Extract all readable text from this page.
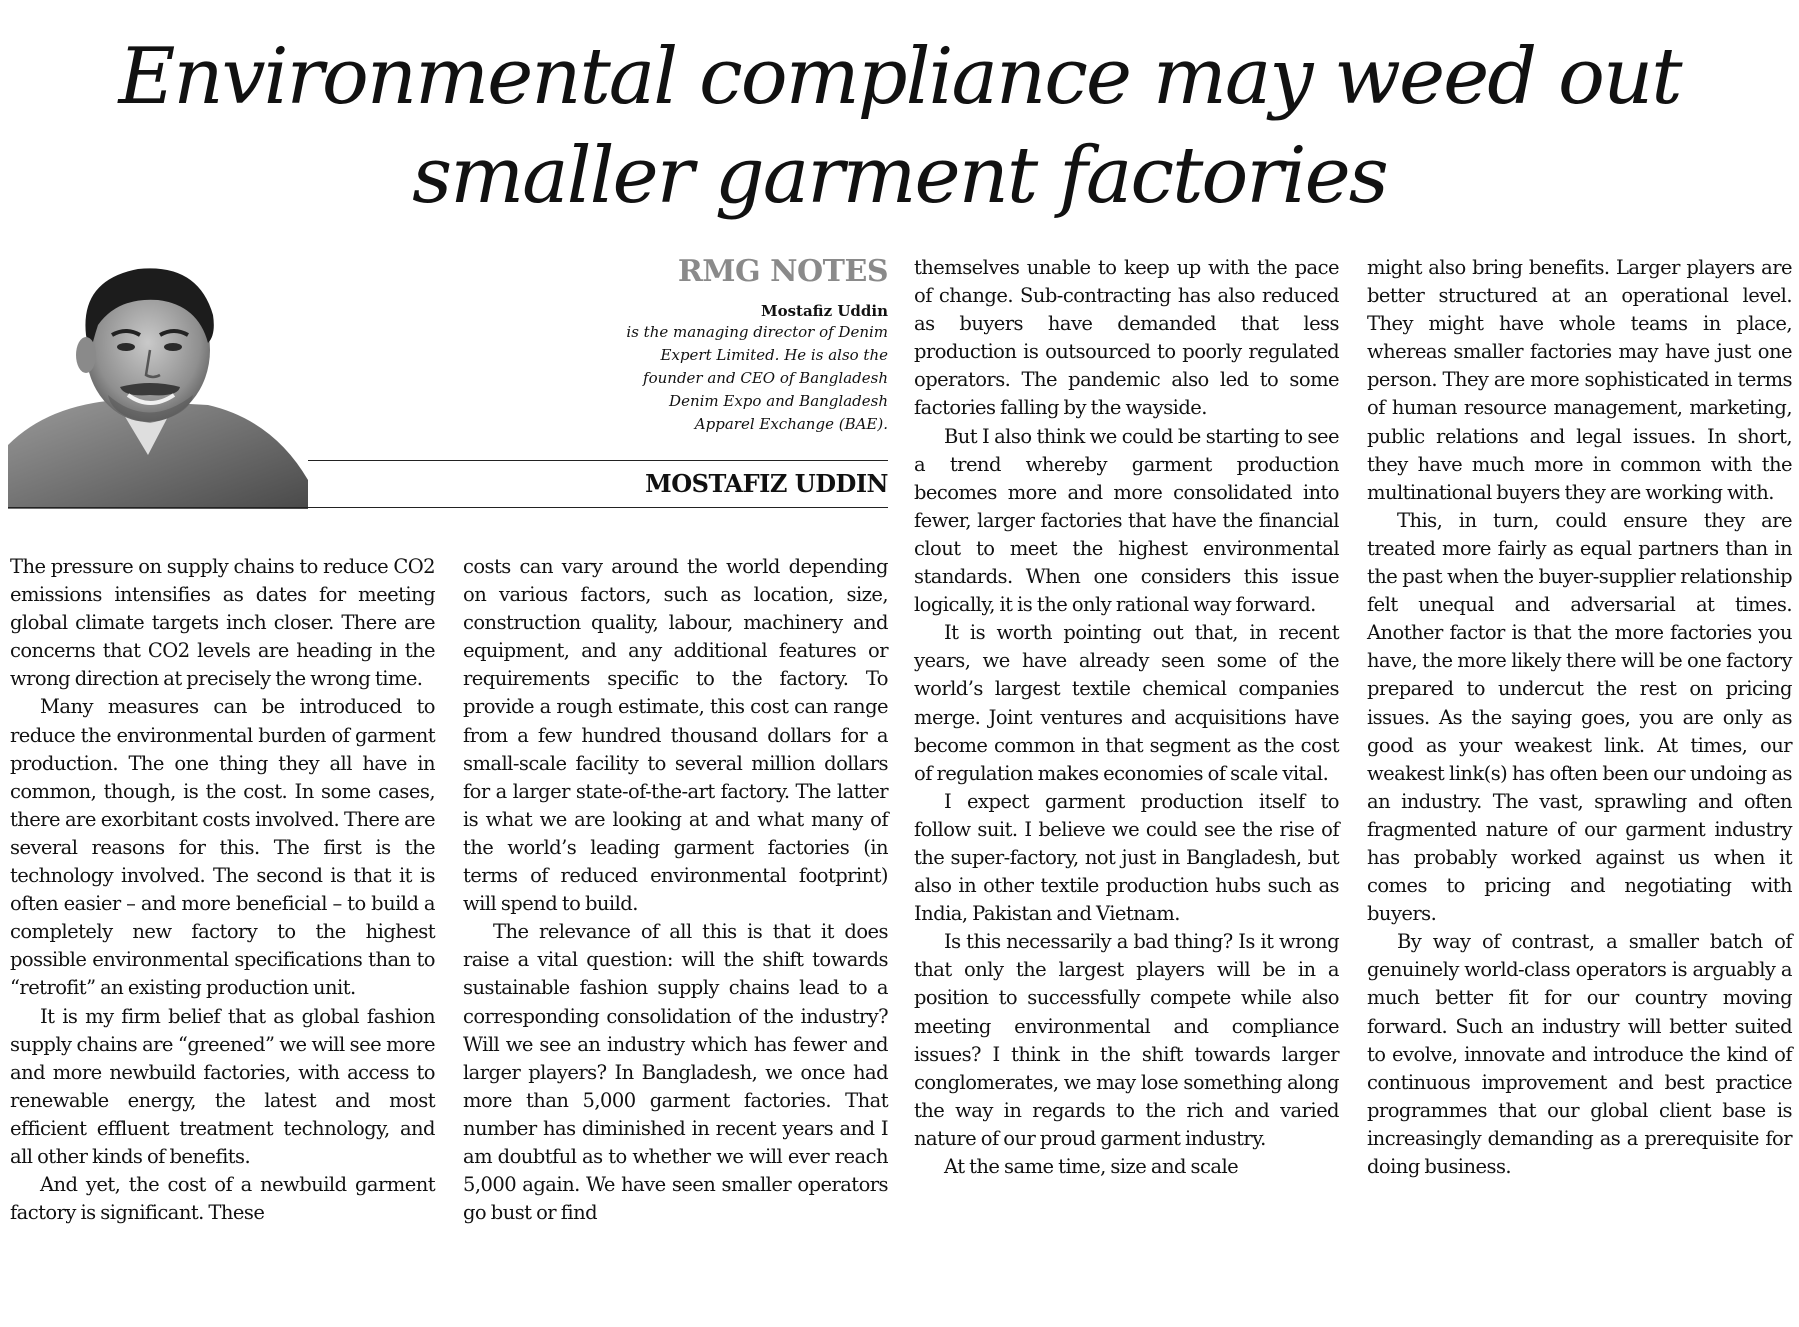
Environmental compliance may weed out
smaller garment factories

RMG NOTES

Mostafiz Uddin

is the managing director of Denim
Expert Limited. He is also the
founder and CEO of Bangladesh
Denim Expo and Bangladesh
Apparel Exchange (BAE).

MOSTAFIZ UDDIN

The pressure on supply chains to reduce CO2 emissions intensifies as dates for meeting global climate targets inch closer. There are concerns that CO2 levels are heading in the wrong direction at precisely the wrong time.

Many measures can be introduced to reduce the environmental burden of garment production. The one thing they all have in common, though, is the cost. In some cases, there are exorbitant costs involved. There are several reasons for this. The first is the technology involved. The second is that it is often easier – and more beneficial – to build a completely new factory to the highest possible environmental specifications than to “retrofit” an existing production unit.

It is my firm belief that as global fashion supply chains are “greened” we will see more and more newbuild factories, with access to renewable energy, the latest and most efficient effluent treatment technology, and all other kinds of benefits.

And yet, the cost of a newbuild garment factory is significant. These

costs can vary around the world depending on various factors, such as location, size, construction quality, labour, machinery and equipment, and any additional features or requirements specific to the factory. To provide a rough estimate, this cost can range from a few hundred thousand dollars for a small-scale facility to several million dollars for a larger state-of-the-art factory. The latter is what we are looking at and what many of the world’s leading garment factories (in terms of reduced environmental footprint) will spend to build.

The relevance of all this is that it does raise a vital question: will the shift towards sustainable fashion supply chains lead to a corresponding consolidation of the industry? Will we see an industry which has fewer and larger players? In Bangladesh, we once had more than 5,000 garment factories. That number has diminished in recent years and I am doubtful as to whether we will ever reach 5,000 again. We have seen smaller operators go bust or find

themselves unable to keep up with the pace of change. Sub-contracting has also reduced as buyers have demanded that less production is outsourced to poorly regulated operators. The pandemic also led to some factories falling by the wayside.

But I also think we could be starting to see a trend whereby garment production becomes more and more consolidated into fewer, larger factories that have the financial clout to meet the highest environmental standards. When one considers this issue logically, it is the only rational way forward.

It is worth pointing out that, in recent years, we have already seen some of the world’s largest textile chemical companies merge. Joint ventures and acquisitions have become common in that segment as the cost of regulation makes economies of scale vital.

I expect garment production itself to follow suit. I believe we could see the rise of the super-factory, not just in Bangladesh, but also in other textile production hubs such as India, Pakistan and Vietnam.

Is this necessarily a bad thing? Is it wrong that only the largest players will be in a position to successfully compete while also meeting environmental and compliance issues? I think in the shift towards larger conglomerates, we may lose something along the way in regards to the rich and varied nature of our proud garment industry.

At the same time, size and scale

might also bring benefits. Larger players are better structured at an operational level. They might have whole teams in place, whereas smaller factories may have just one person. They are more sophisticated in terms of human resource management, marketing, public relations and legal issues. In short, they have much more in common with the multinational buyers they are working with.

This, in turn, could ensure they are treated more fairly as equal partners than in the past when the buyer-supplier relationship felt unequal and adversarial at times. Another factor is that the more factories you have, the more likely there will be one factory prepared to undercut the rest on pricing issues. As the saying goes, you are only as good as your weakest link. At times, our weakest link(s) has often been our undoing as an industry. The vast, sprawling and often fragmented nature of our garment industry has probably worked against us when it comes to pricing and negotiating with buyers.

By way of contrast, a smaller batch of genuinely world-class operators is arguably a much better fit for our country moving forward. Such an industry will better suited to evolve, innovate and introduce the kind of continuous improvement and best practice programmes that our global client base is increasingly demanding as a prerequisite for doing business.
